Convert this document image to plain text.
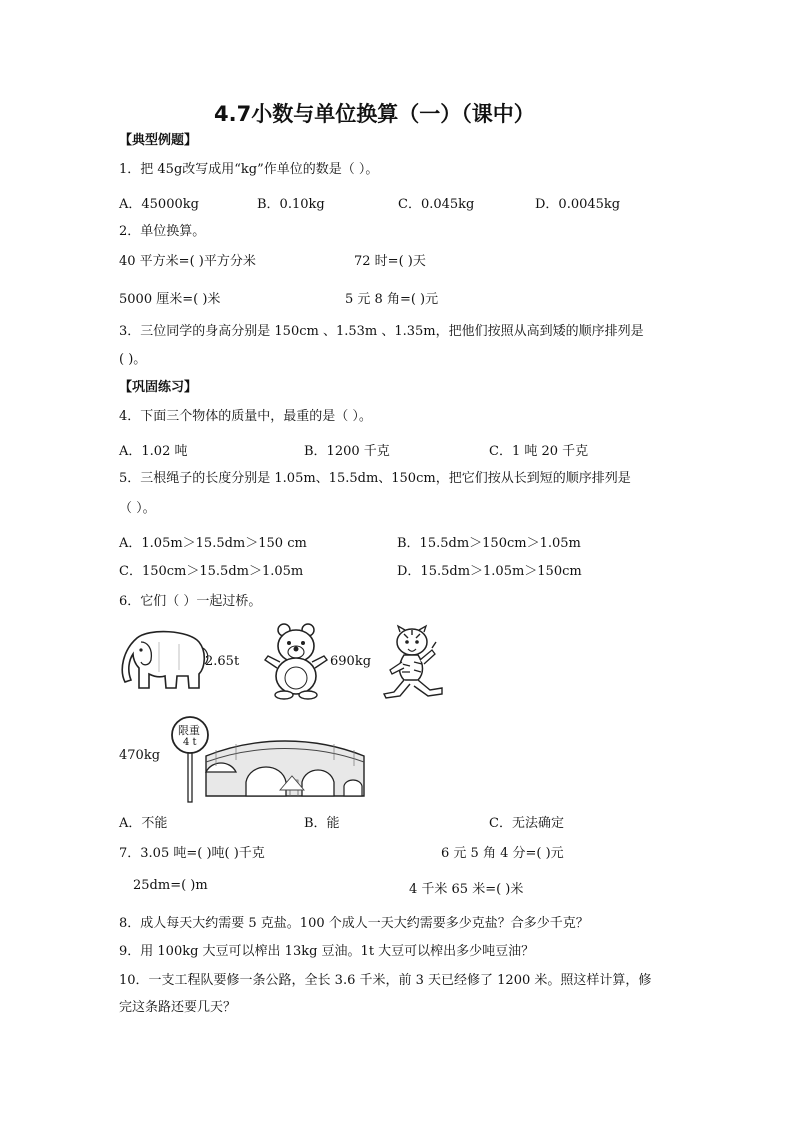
4.7小数与单位换算（一）（课中）
【典型例题】
1．把 45g改写成用“kg”作单位的数是（ ）。
A．45000kg	B．0.10kg	C．0.045kg	D．0.0045kg
2．单位换算。
40 平方米=( )平方分米	72 时=( )天
5000 厘米=( )米	5 元 8 角=( )元
3．三位同学的身高分别是 150cm 、1.53m 、1.35m，把他们按照从高到矮的顺序排列是
( )。
【巩固练习】
4．下面三个物体的质量中，最重的是（ ）。
A．1.02 吨	B．1200 千克	C．1 吨 20 千克
5．三根绳子的长度分别是 1.05m、15.5dm、150cm，把它们按从长到短的顺序排列是
（ ）。
A．1.05m＞15.5dm＞150 cm	B．15.5dm＞150cm＞1.05m
C．150cm＞15.5dm＞1.05m	D．15.5dm＞1.05m＞150cm
6．它们（ ）一起过桥。
2.65t	690kg
470kg
限重
4 t
A．不能	B．能	C．无法确定
7．3.05 吨=( )吨( )千克	6 元 5 角 4 分=( )元
25dm=( )m	4 千米 65 米=( )米
8．成人每天大约需要 5 克盐。100 个成人一天大约需要多少克盐？合多少千克？
9．用 100kg 大豆可以榨出 13kg 豆油。1t 大豆可以榨出多少吨豆油？
10．一支工程队要修一条公路，全长 3.6 千米，前 3 天已经修了 1200 米。照这样计算，修
完这条路还要几天？
